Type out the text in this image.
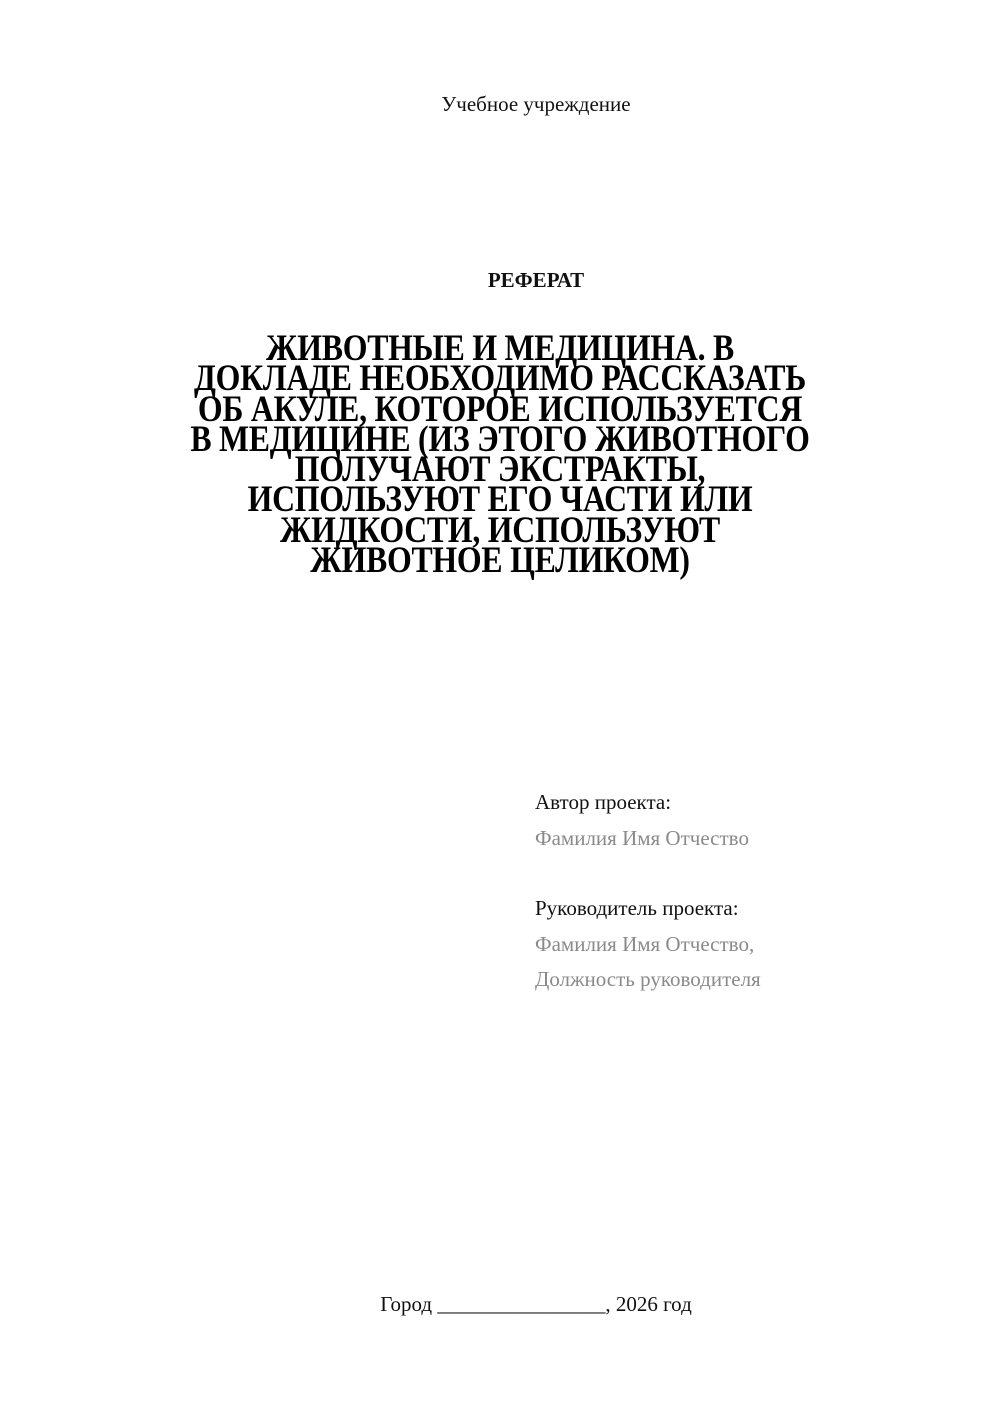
Учебное учреждение
РЕФЕРАТ
ЖИВОТНЫЕ И МЕДИЦИНА. В
ДОКЛАДЕ НЕОБХОДИМО РАССКАЗАТЬ
ОБ АКУЛЕ, КОТОРОЕ ИСПОЛЬЗУЕТСЯ
В МЕДИЦИНЕ (ИЗ ЭТОГО ЖИВОТНОГО
ПОЛУЧАЮТ ЭКСТРАКТЫ,
ИСПОЛЬЗУЮТ ЕГО ЧАСТИ ИЛИ
ЖИДКОСТИ, ИСПОЛЬЗУЮТ
ЖИВОТНОЕ ЦЕЛИКОМ)
Автор проекта:
Фамилия Имя Отчество
Руководитель проекта:
Фамилия Имя Отчество,
Должность руководителя
Город ________________, 2026 год
